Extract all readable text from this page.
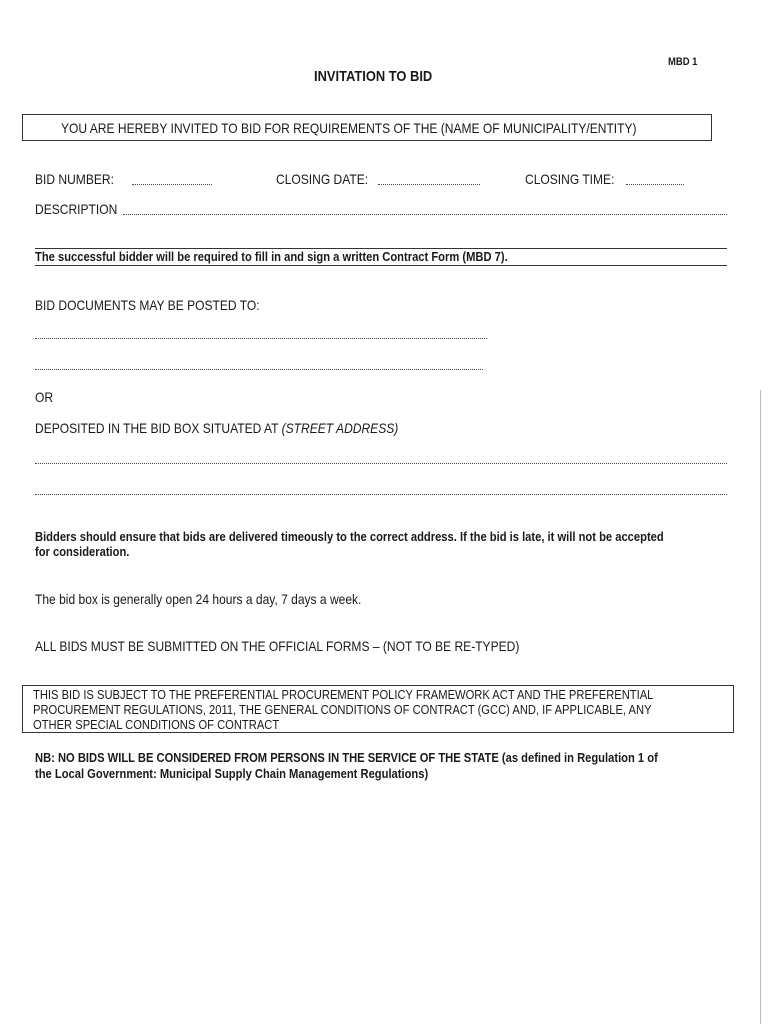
MBD 1
INVITATION TO BID
YOU ARE HEREBY INVITED TO BID FOR REQUIREMENTS OF THE (NAME OF MUNICIPALITY/ENTITY)
BID NUMBER:	CLOSING DATE:	CLOSING TIME:
DESCRIPTION
The successful bidder will be required to fill in and sign a written Contract Form (MBD 7).
BID DOCUMENTS MAY BE POSTED TO:
OR
DEPOSITED IN THE BID BOX SITUATED AT (STREET ADDRESS)
Bidders should ensure that bids are delivered timeously to the correct address. If the bid is late, it will not be accepted
for consideration.
The bid box is generally open 24 hours a day, 7 days a week.
ALL BIDS MUST BE SUBMITTED ON THE OFFICIAL FORMS – (NOT TO BE RE-TYPED)
THIS BID IS SUBJECT TO THE PREFERENTIAL PROCUREMENT POLICY FRAMEWORK ACT AND THE PREFERENTIAL
PROCUREMENT REGULATIONS, 2011, THE GENERAL CONDITIONS OF CONTRACT (GCC) AND, IF APPLICABLE, ANY
OTHER SPECIAL CONDITIONS OF CONTRACT
NB: NO BIDS WILL BE CONSIDERED FROM PERSONS IN THE SERVICE OF THE STATE (as defined in Regulation 1 of
the Local Government: Municipal Supply Chain Management Regulations)
